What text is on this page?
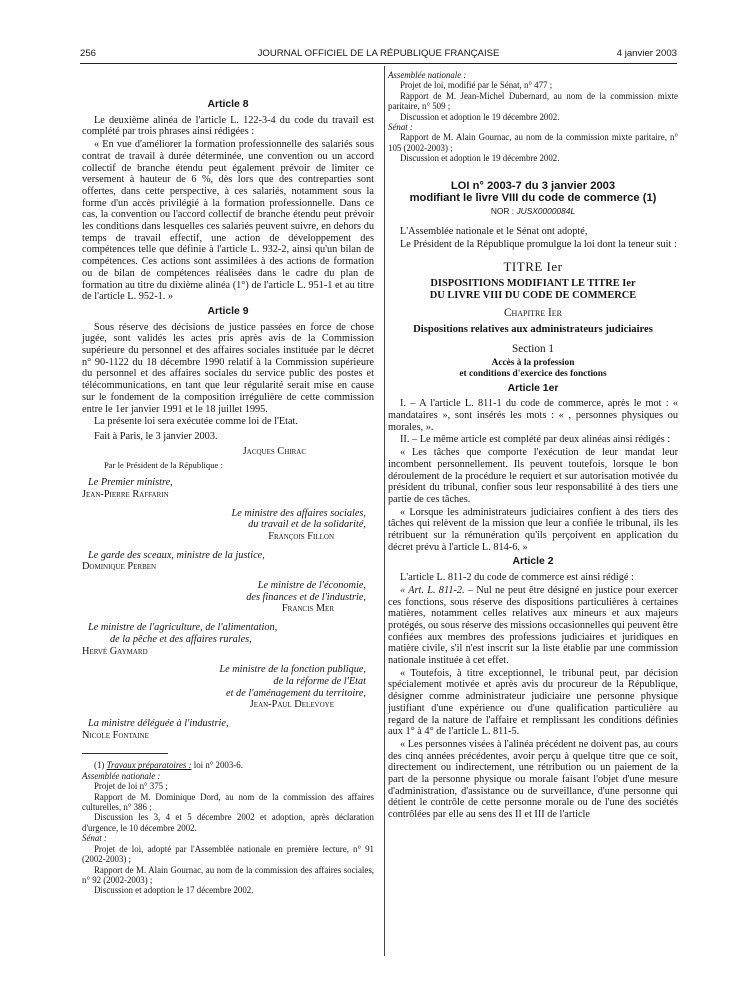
256	JOURNAL OFFICIEL DE LA RÉPUBLIQUE FRANÇAISE	4 janvier 2003

Article 8

Le deuxième alinéa de l'article L. 122-3-4 du code du travail est complété par trois phrases ainsi rédigées :

« En vue d'améliorer la formation professionnelle des salariés sous contrat de travail à durée déterminée, une convention ou un accord collectif de branche étendu peut également prévoir de limiter ce versement à hauteur de 6 %, dès lors que des contreparties sont offertes, dans cette perspective, à ces salariés, notamment sous la forme d'un accès privilégié à la formation professionnelle. Dans ce cas, la convention ou l'accord collectif de branche étendu peut prévoir les conditions dans lesquelles ces salariés peuvent suivre, en dehors du temps de travail effectif, une action de développement des compétences telle que définie à l'article L. 932-2, ainsi qu'un bilan de compétences. Ces actions sont assimilées à des actions de formation ou de bilan de compétences réalisées dans le cadre du plan de formation au titre du dixième alinéa (1°) de l'article L. 951-1 et au titre de l'article L. 952-1. »

Article 9

Sous réserve des décisions de justice passées en force de chose jugée, sont validés les actes pris après avis de la Commission supérieure du personnel et des affaires sociales instituée par le décret n° 90-1122 du 18 décembre 1990 relatif à la Commission supérieure du personnel et des affaires sociales du service public des postes et télécommunications, en tant que leur régularité serait mise en cause sur le fondement de la composition irrégulière de cette commission entre le 1er janvier 1991 et le 18 juillet 1995.

La présente loi sera exécutée comme loi de l'Etat.

Fait à Paris, le 3 janvier 2003.

Jacques Chirac

Par le Président de la République :

Le Premier ministre,

Jean-Pierre Raffarin

Le ministre des affaires sociales,

du travail et de la solidarité,

François Fillon

Le garde des sceaux, ministre de la justice,

Dominique Perben

Le ministre de l'économie,

des finances et de l'industrie,

Francis Mer

Le ministre de l'agriculture, de l'alimentation,

de la pêche et des affaires rurales,

Hervé Gaymard

Le ministre de la fonction publique,

de la réforme de l'Etat

et de l'aménagement du territoire,

Jean-Paul Delevoye

La ministre déléguée à l'industrie,

Nicole Fontaine

(1) Travaux préparatoires : loi n° 2003-6.

Assemblée nationale :

Projet de loi n° 375 ;

Rapport de M. Dominique Dord, au nom de la commission des affaires culturelles, n° 386 ;

Discussion les 3, 4 et 5 décembre 2002 et adoption, après déclaration d'urgence, le 10 décembre 2002.

Sénat :

Projet de loi, adopté par l'Assemblée nationale en première lecture, n° 91 (2002-2003) ;

Rapport de M. Alain Gournac, au nom de la commission des affaires sociales, n° 92 (2002-2003) ;

Discussion et adoption le 17 décembre 2002.

Assemblée nationale :

Projet de loi, modifié par le Sénat, n° 477 ;

Rapport de M. Jean-Michel Dubernard, au nom de la commission mixte paritaire, n° 509 ;

Discussion et adoption le 19 décembre 2002.

Sénat :

Rapport de M. Alain Gournac, au nom de la commission mixte paritaire, n° 105 (2002-2003) ;

Discussion et adoption le 19 décembre 2002.

LOI n° 2003-7 du 3 janvier 2003

modifiant le livre VIII du code de commerce (1)

NOR : JUSX0000084L

L'Assemblée nationale et le Sénat ont adopté,

Le Président de la République promulgue la loi dont la teneur suit :

TITRE Ier

DISPOSITIONS MODIFIANT LE TITRE Ier
DU LIVRE VIII DU CODE DE COMMERCE

Chapitre Ier

Dispositions relatives aux administrateurs judiciaires

Section 1

Accès à la profession
et conditions d'exercice des fonctions

Article 1er

I. – A l'article L. 811-1 du code de commerce, après le mot : « mandataires », sont insérés les mots : « , personnes physiques ou morales, ».

II. – Le même article est complété par deux alinéas ainsi rédigés :

« Les tâches que comporte l'exécution de leur mandat leur incombent personnellement. Ils peuvent toutefois, lorsque le bon déroulement de la procédure le requiert et sur autorisation motivée du président du tribunal, confier sous leur responsabilité à des tiers une partie de ces tâches.

« Lorsque les administrateurs judiciaires confient à des tiers des tâches qui relèvent de la mission que leur a confiée le tribunal, ils les rétribuent sur la rémunération qu'ils perçoivent en application du décret prévu à l'article L. 814-6. »

Article 2

L'article L. 811-2 du code de commerce est ainsi rédigé :

« Art. L. 811-2. – Nul ne peut être désigné en justice pour exercer ces fonctions, sous réserve des dispositions particulières à certaines matières, notamment celles relatives aux mineurs et aux majeurs protégés, ou sous réserve des missions occasionnelles qui peuvent être confiées aux membres des professions judiciaires et juridiques en matière civile, s'il n'est inscrit sur la liste établie par une commission nationale instituée à cet effet.

« Toutefois, à titre exceptionnel, le tribunal peut, par décision spécialement motivée et après avis du procureur de la République, désigner comme administrateur judiciaire une personne physique justifiant d'une expérience ou d'une qualification particulière au regard de la nature de l'affaire et remplissant les conditions définies aux 1° à 4° de l'article L. 811-5.

« Les personnes visées à l'alinéa précédent ne doivent pas, au cours des cinq années précédentes, avoir perçu à quelque titre que ce soit, directement ou indirectement, une rétribution ou un paiement de la part de la personne physique ou morale faisant l'objet d'une mesure d'administration, d'assistance ou de surveillance, d'une personne qui détient le contrôle de cette personne morale ou de l'une des sociétés contrôlées par elle au sens des II et III de l'article
